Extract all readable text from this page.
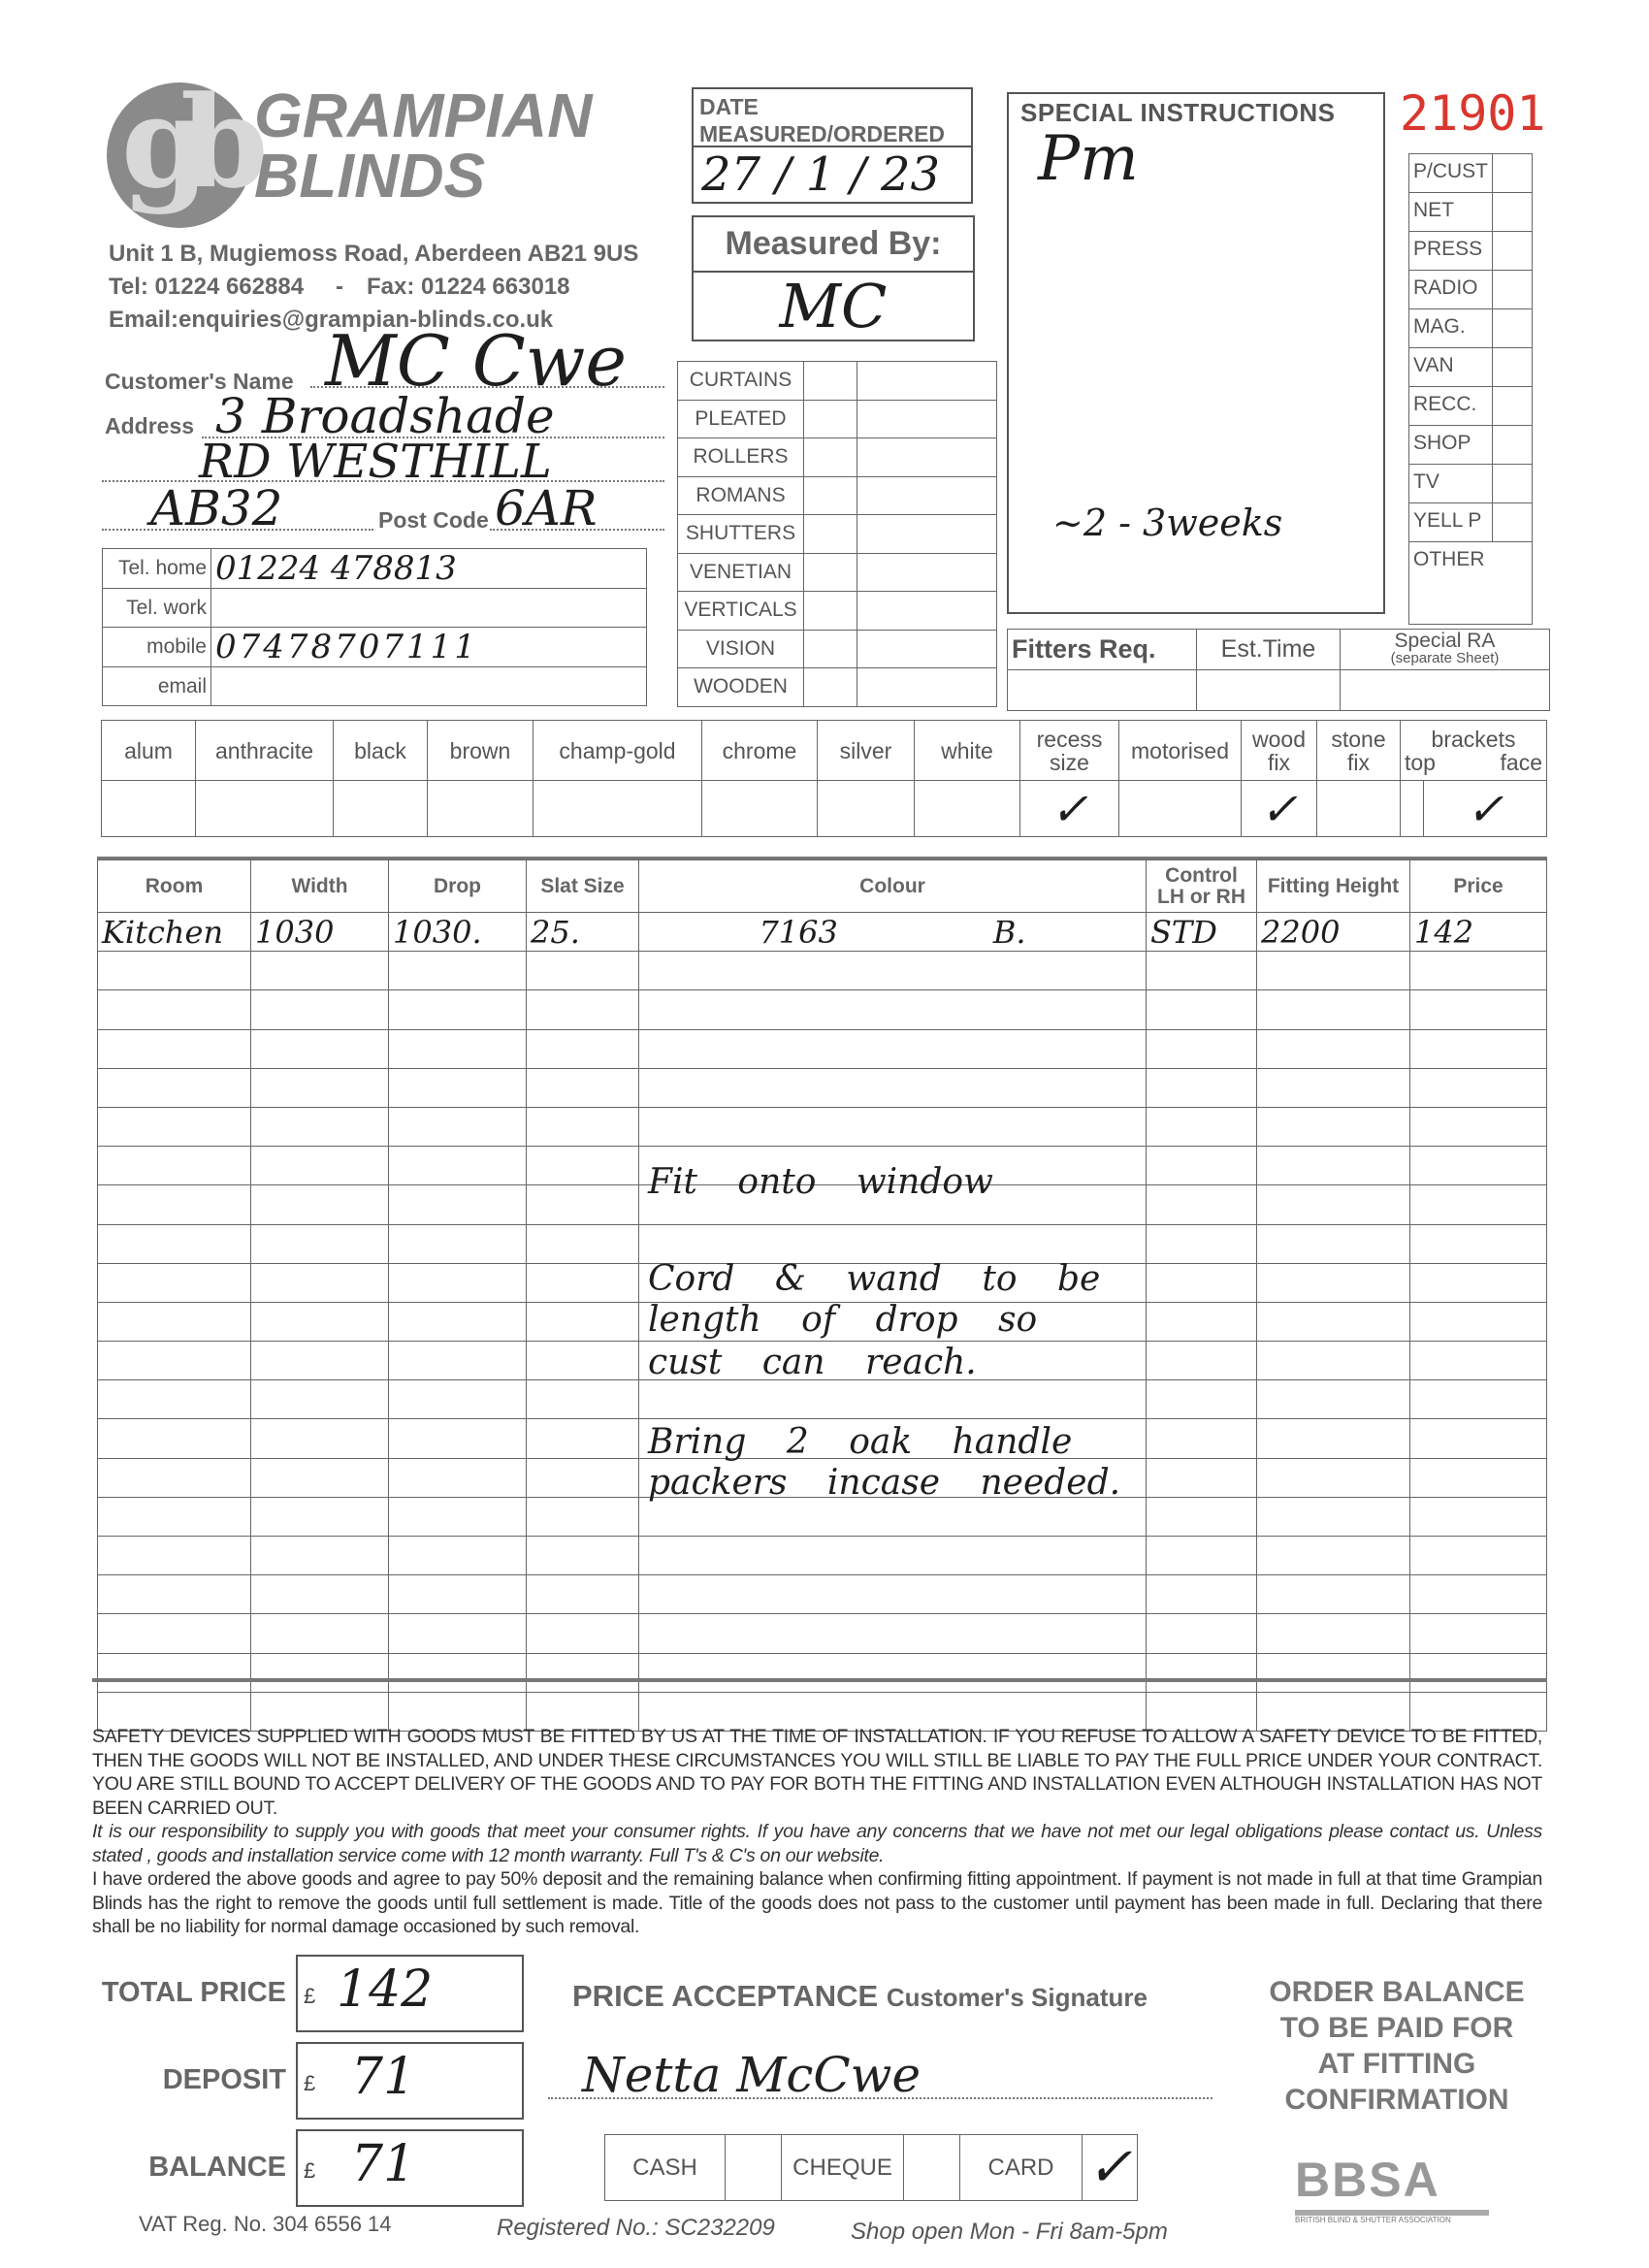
gb GRAMPIAN
BLINDS
Unit 1 B, Mugiemoss Road, Aberdeen AB21 9US
Tel: 01224 662884 - Fax: 01224 663018
Email:enquiries@grampian-blinds.co.uk
Customer's Name MC Cwe
Address 3 Broadshade
RD WESTHILL
AB32	Post Code 6AR
Tel. home	01224 478813
Tel. work	
mobile	07478707111
email	
DATE
MEASURED/ORDERED
27 / 1 / 23
Measured By:
MC
CURTAINS		
PLEATED		
ROLLERS		
ROMANS		
SHUTTERS		
VENETIAN		
VERTICALS		
VISION		
WOODEN		
SPECIAL INSTRUCTIONS
Pm
~2 - 3weeks
21901
P/CUST	
NET	
PRESS	
RADIO	
MAG.	
VAN	
RECC.	
SHOP	
TV	
YELL P	
OTHER	
Fitters Req.	Est.Time	Special RA
(separate Sheet)

alum	anthracite	black	brown	champ-gold	chrome	silver	white	recess size	motorised	wood fix	stone fix	brackets
top face	

								✓		✓			✓
Room	Width	Drop	Slat Size	Colour	Control LH or RH	Fitting Height	Price
Kitchen	1030	1030.	25.	7163 B.	STD	2200	142

Fit onto window
Cord & wand to be
length of drop so
cust can reach.
Bring 2 oak handle
packers incase needed.
SAFETY DEVICES SUPPLIED WITH GOODS MUST BE FITTED BY US AT THE TIME OF INSTALLATION. IF YOU REFUSE TO ALLOW A SAFETY DEVICE TO BE FITTED, THEN THE GOODS WILL NOT BE INSTALLED, AND UNDER THESE CIRCUMSTANCES YOU WILL STILL BE LIABLE TO PAY THE FULL PRICE UNDER YOUR CONTRACT. YOU ARE STILL BOUND TO ACCEPT DELIVERY OF THE GOODS AND TO PAY FOR BOTH THE FITTING AND INSTALLATION EVEN ALTHOUGH INSTALLATION HAS NOT BEEN CARRIED OUT.
It is our responsibility to supply you with goods that meet your consumer rights. If you have any concerns that we have not met our legal obligations please contact us. Unless stated , goods and installation service come with 12 month warranty. Full T's & C's on our website.
I have ordered the above goods and agree to pay 50% deposit and the remaining balance when confirming fitting appointment. If payment is not made in full at that time Grampian Blinds has the right to remove the goods until full settlement is made. Title of the goods does not pass to the customer until payment has been made in full. Declaring that there shall be no liability for normal damage occasioned by such removal.
TOTAL PRICE
DEPOSIT
BALANCE
£ 142
£ 71
£ 71
PRICE ACCEPTANCE Customer's Signature
Netta McCwe
CASH		CHEQUE		CARD	✓
ORDER BALANCE
TO BE PAID FOR
AT FITTING
CONFIRMATION
BBSA
BRITISH BLIND & SHUTTER ASSOCIATION
VAT Reg. No. 304 6556 14	Registered No.: SC232209	Shop open Mon - Fri 8am-5pm
